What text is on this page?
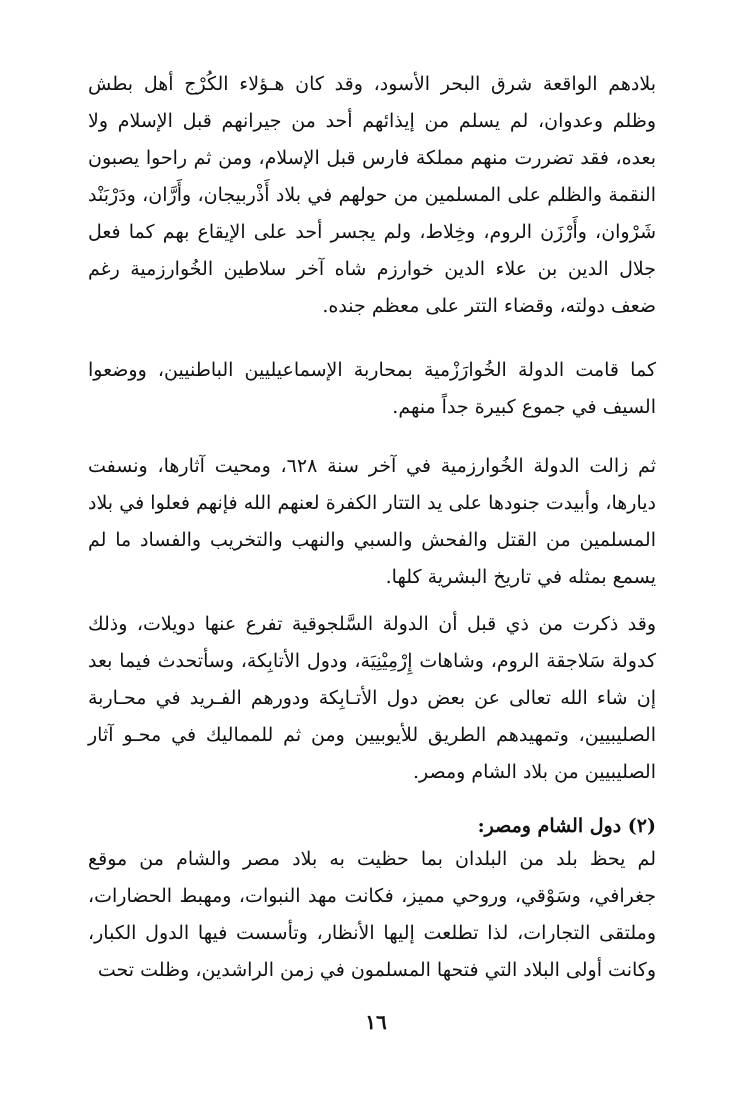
بلادهم الواقعة شرق البحر الأسود، وقد كان هـؤلاء الكُرْج أهل بطش وظلم وعدوان، لم يسلم من إيذائهم أحد من جيرانهم قبل الإسلام ولا بعده، فقد تضررت منهم مملكة فارس قبل الإسلام، ومن ثم راحوا يصبون النقمة والظلم على المسلمين من حولهم في بلاد أَذْربيجان، وأَرَّان، ودَرْبَنْد شَرْوان، وأَرْزَن الروم، وخِلاط، ولم يجسر أحد على الإيقاع بهم كما فعل جلال الدين بن علاء الدين خوارزم شاه آخر سلاطين الخُوارزمية رغم ضعف دولته، وقضاء التتر على معظم جنده.

كما قامت الدولة الخُوارَزْمية بمحاربة الإسماعيليين الباطنيين، ووضعوا السيف في جموع كبيرة جداً منهم.

ثم زالت الدولة الخُوارزمية في آخر سنة ٦٢٨، ومحيت آثارها، ونسفت ديارها، وأبيدت جنودها على يد التتار الكفرة لعنهم الله فإنهم فعلوا في بلاد المسلمين من القتل والفحش والسبي والنهب والتخريب والفساد ما لم يسمع بمثله في تاريخ البشرية كلها.

وقد ذكرت من ذي قبل أن الدولة السَّلجوقية تفرع عنها دويلات، وذلك كدولة سَلاجقة الروم، وشاهات إِرْمِيْنِيَة، ودول الأتابِكة، وسأتحدث فيما بعد إن شاء الله تعالى عن بعض دول الأتـابِكة ودورهم الفـريد في محـاربة الصليبيين، وتمهيدهم الطريق للأيوبيين ومن ثم للمماليك في محـو آثار الصليبيين من بلاد الشام ومصر.

(٢) دول الشام ومصر:

لم يحظ بلد من البلدان بما حظيت به بلاد مصر والشام من موقع جغرافي، وسَوْقي، وروحي مميز، فكانت مهد النبوات، ومهبط الحضارات، وملتقى التجارات، لذا تطلعت إليها الأنظار، وتأسست فيها الدول الكبار، وكانت أولى البلاد التي فتحها المسلمون في زمن الراشدين، وظلت تحت

١٦
